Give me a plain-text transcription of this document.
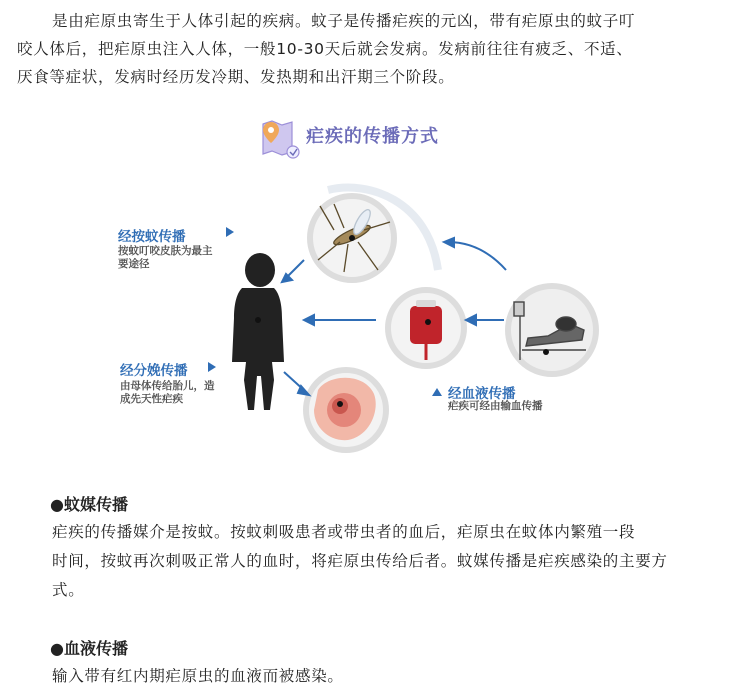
是由疟原虫寄生于人体引起的疾病。蚊子是传播疟疾的元凶，带有疟原虫的蚊子叮
咬人体后，把疟原虫注入人体，一般10-30天后就会发病。发病前往往有疲乏、不适、
厌食等症状，发病时经历发冷期、发热期和出汗期三个阶段。
疟疾的传播方式
经按蚊传播
按蚊叮咬皮肤为最主要途径
经分娩传播
由母体传给胎儿，造成先天性疟疾	经血液传播
疟疾可经由输血传播
●蚊媒传播
疟疾的传播媒介是按蚊。按蚊刺吸患者或带虫者的血后，疟原虫在蚊体内繁殖一段
时间，按蚊再次刺吸正常人的血时，将疟原虫传给后者。蚊媒传播是疟疾感染的主要方
式。
●血液传播
输入带有红内期疟原虫的血液而被感染。
